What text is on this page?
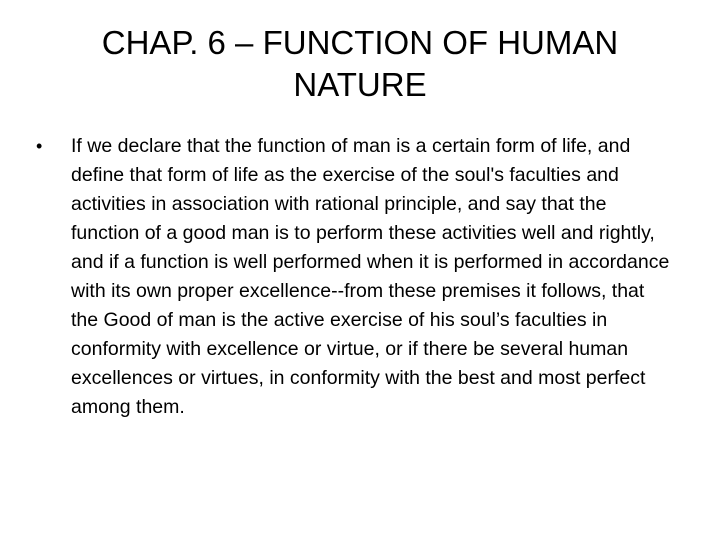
CHAP. 6 – FUNCTION OF HUMAN NATURE
•	If we declare that the function of man is a certain form of life, and define that form of life as the exercise of the soul's faculties and activities in association with rational principle, and say that the function of a good man is to perform these activities well and rightly, and if a function is well performed when it is performed in accordance with its own proper excellence--from these premises it follows, that the Good of man is the active exercise of his soul’s faculties in conformity with excellence or virtue, or if there be several human excellences or virtues, in conformity with the best and most perfect among them.
